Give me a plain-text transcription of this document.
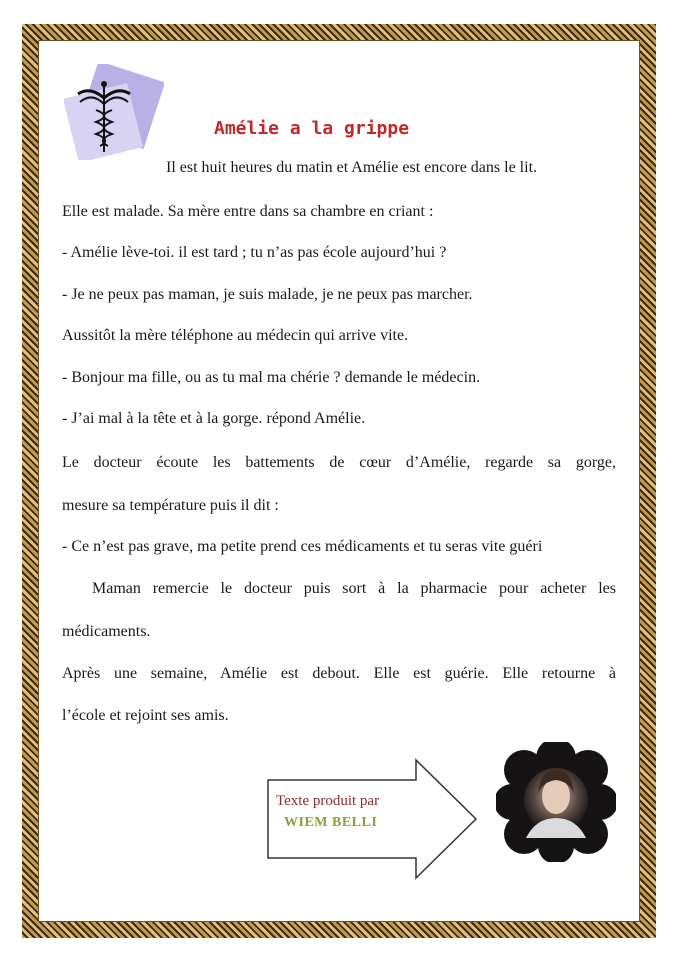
Amélie a la grippe
Il est huit heures du matin et Amélie est encore dans le lit.
Elle est malade. Sa mère entre dans sa chambre en criant :
- Amélie lève-toi. il est tard ; tu n’as pas école aujourd’hui ?
- Je ne peux pas maman, je suis malade, je ne peux pas marcher.
Aussitôt la mère téléphone au médecin qui arrive vite.
- Bonjour ma fille, ou as tu mal ma chérie ? demande le médecin.
- J’ai mal à la tête et à la gorge. répond Amélie.
Le docteur écoute les battements de cœur d’Amélie, regarde sa gorge,
mesure sa température puis il dit :
- Ce n’est pas grave, ma petite prend ces médicaments et tu seras vite guéri
Maman remercie le docteur puis sort à la pharmacie pour acheter les
médicaments.
Après une semaine, Amélie est debout. Elle est guérie. Elle retourne à
l’école et rejoint ses amis.
Texte produit par
WIEM BELLI
